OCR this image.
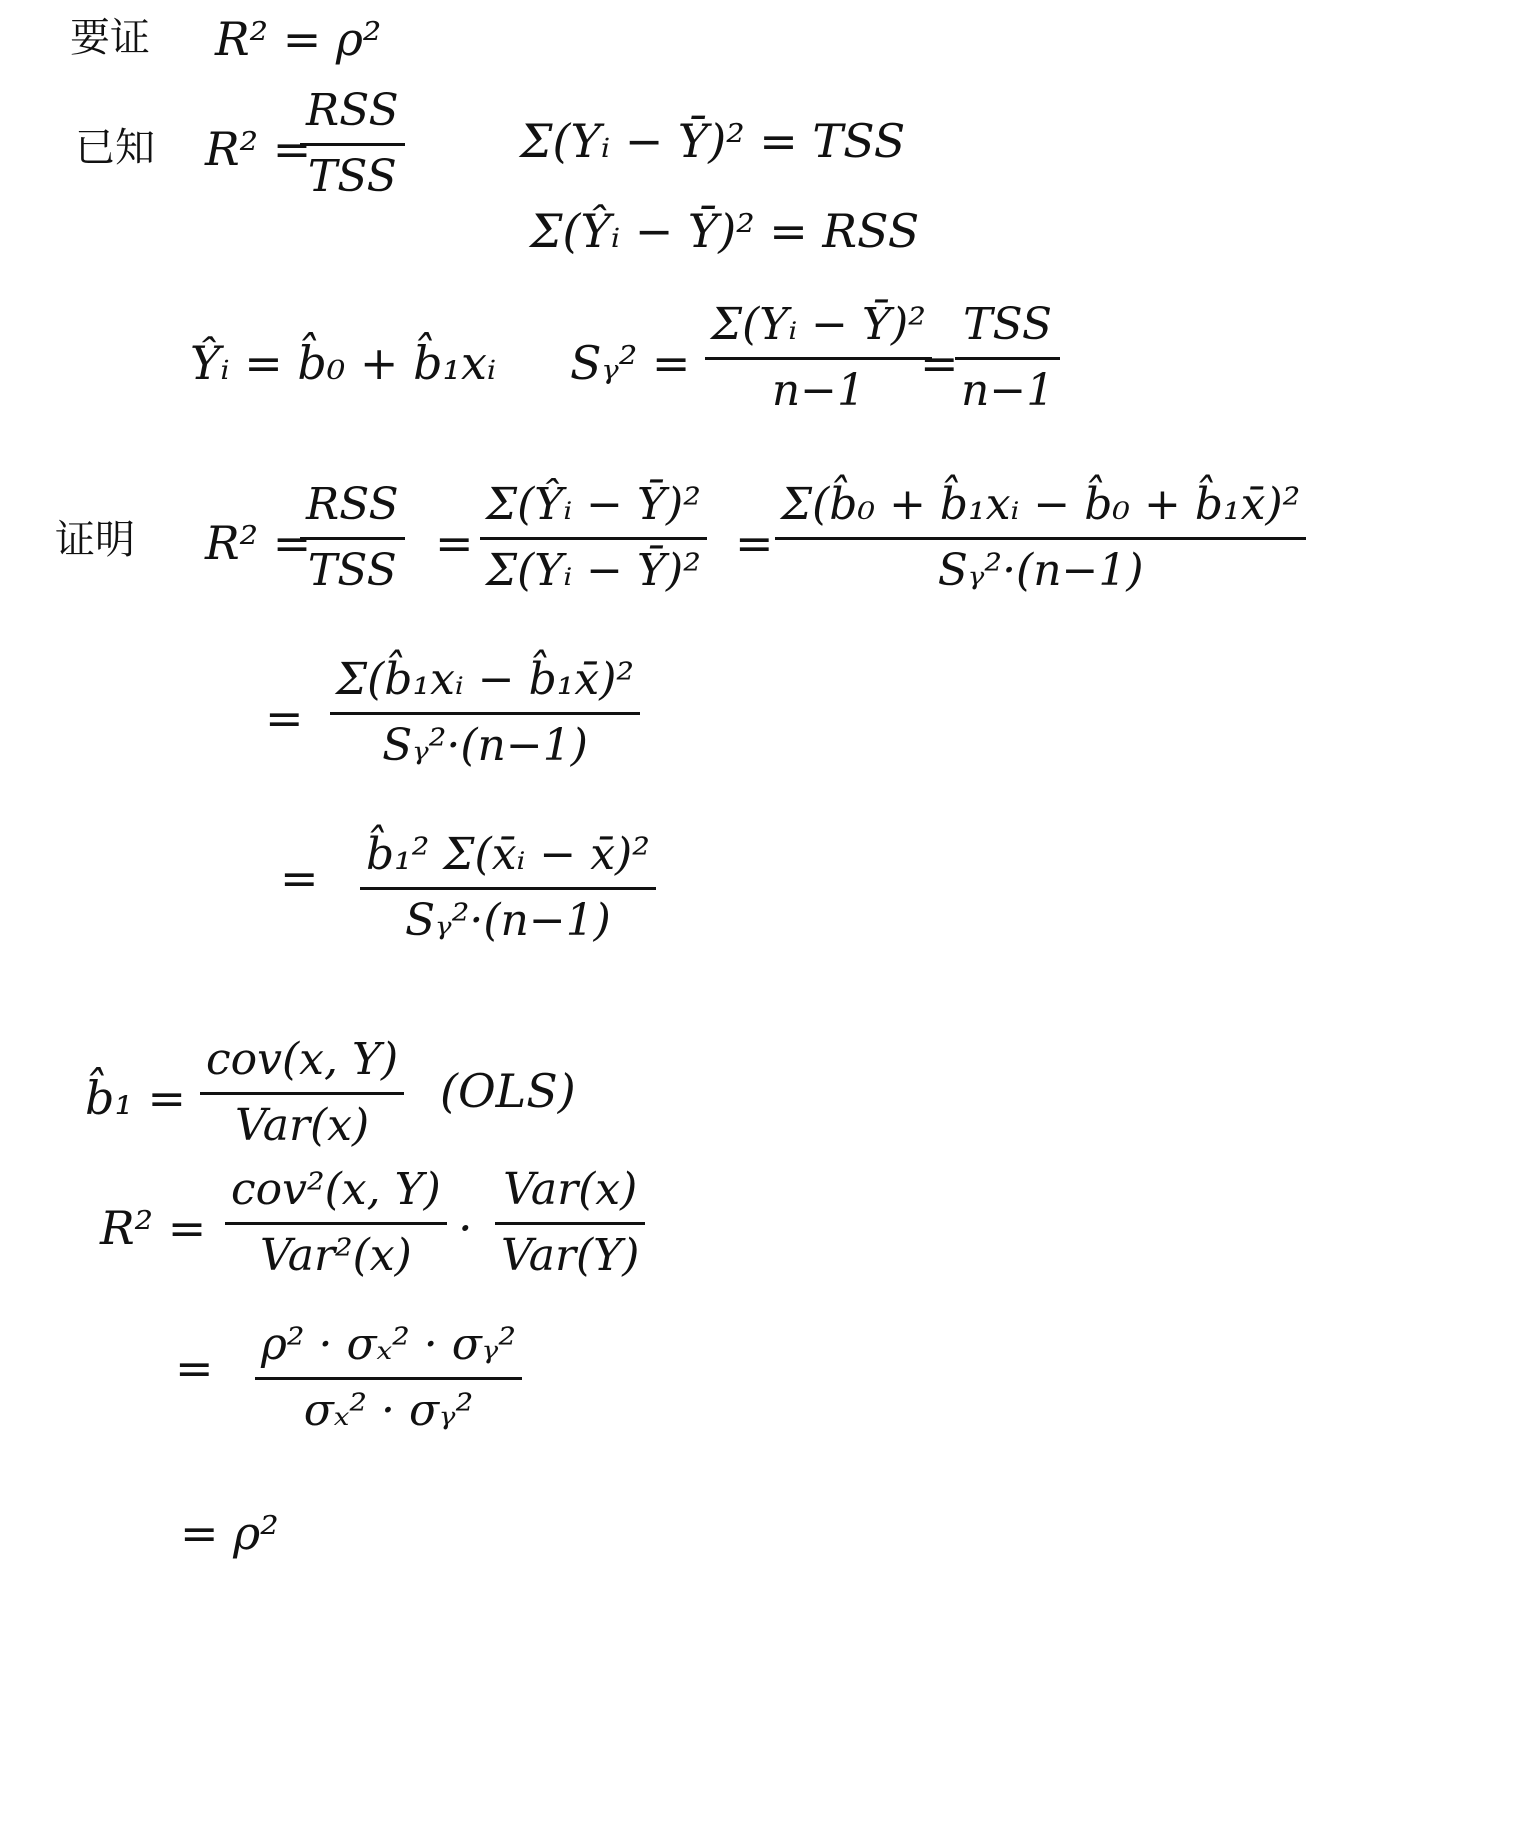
要证 R² = ρ²
已知 R² =
RSS
TSS
Σ(Yᵢ − Ȳ)² = TSS
Σ(Ŷᵢ − Ȳ)² = RSS
Ŷᵢ = b̂₀ + b̂₁xᵢ Sᵧ² =
Σ(Yᵢ − Ȳ)²
n−1
=
TSS
n−1
证明 R² =
RSS
TSS
=
Σ(Ŷᵢ − Ȳ)²
Σ(Yᵢ − Ȳ)²
=
Σ(b̂₀ + b̂₁xᵢ − b̂₀ + b̂₁x̄)²
Sᵧ²·(n−1)
=
Σ(b̂₁xᵢ − b̂₁x̄)²
Sᵧ²·(n−1)
= b̂₁² Σ(x̄ᵢ − x̄)²
Sᵧ²·(n−1)
b̂₁ =
cov(x, Y)
Var(x)
(OLS)
R² =
cov²(x, Y)
Var²(x)
·
Var(x)
Var(Y)
= ρ² · σₓ² · σᵧ²
σₓ² · σᵧ²
= ρ²
